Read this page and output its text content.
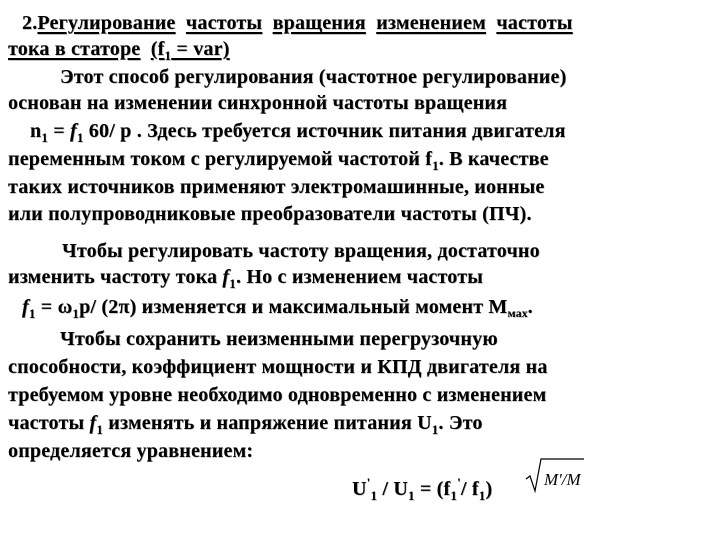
2.Регулирование частоты вращения изменением частоты
тока в статоре $(f_1 = var)$
Этот способ регулирования (частотное регулирование)
основан на изменении синхронной частоты вращения
$n_1 = f_1$ 60/ p . Здесь требуется источник питания двигателя
переменным током с регулируемой частотой $f_1$. В качестве
таких источников применяют электромашинные, ионные
или полупроводниковые преобразователи частоты (ПЧ).
Чтобы регулировать частоту вращения, достаточно
изменить частоту тока $f_1$. Но с изменением частоты
$f_1 = \omega_1p/$ (2π) изменяется и максимальный момент $М_{мах}$.
Чтобы сохранить неизменными перегрузочную
способности, коэффициент мощности и КПД двигателя на
требуемом уровне необходимо одновременно с изменением
частоты $f_1$ изменять и напряжение питания $U_1$. Это
определяется уравнением:
$U'_1 / U_1 = (f_1'/$ $f_1$)	M'/M
